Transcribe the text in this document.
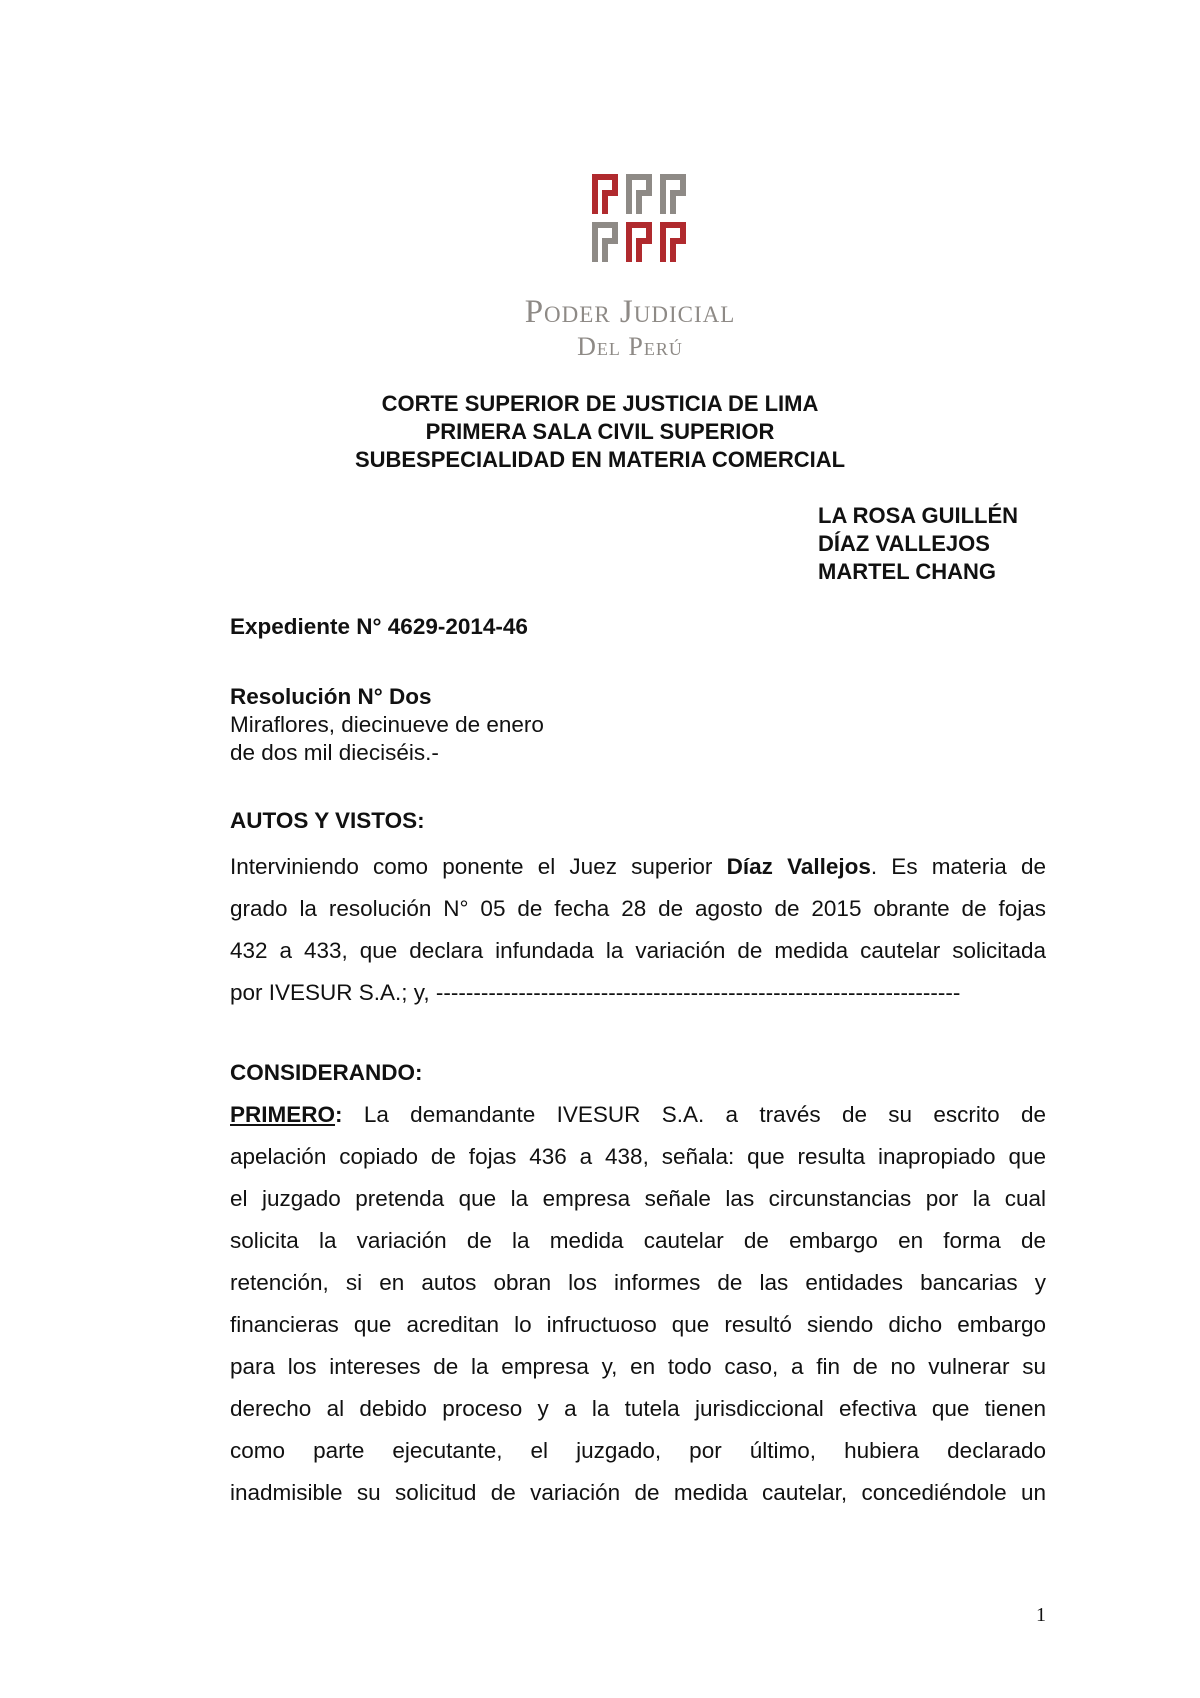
Poder Judicial
Del Perú
CORTE SUPERIOR DE JUSTICIA DE LIMA
PRIMERA SALA CIVIL SUPERIOR
SUBESPECIALIDAD EN MATERIA COMERCIAL
LA ROSA GUILLÉN
DÍAZ VALLEJOS
MARTEL CHANG
Expediente N° 4629-2014-46
Resolución N° Dos
Miraflores, diecinueve de enero
de dos mil dieciséis.-
AUTOS Y VISTOS:
Interviniendo como ponente el Juez superior Díaz Vallejos. Es materia de
grado la resolución N° 05 de fecha 28 de agosto de 2015 obrante de fojas
432 a 433, que declara infundada la variación de medida cautelar solicitada
por IVESUR S.A.; y, ----------------------------------------------------------------------
CONSIDERANDO:
PRIMERO: La demandante IVESUR S.A. a través de su escrito de
apelación copiado de fojas 436 a 438, señala: que resulta inapropiado que
el juzgado pretenda que la empresa señale las circunstancias por la cual
solicita la variación de la medida cautelar de embargo en forma de
retención, si en autos obran los informes de las entidades bancarias y
financieras que acreditan lo infructuoso que resultó siendo dicho embargo
para los intereses de la empresa y, en todo caso, a fin de no vulnerar su
derecho al debido proceso y a la tutela jurisdiccional efectiva que tienen
como parte ejecutante, el juzgado, por último, hubiera declarado
inadmisible su solicitud de variación de medida cautelar, concediéndole un
1
